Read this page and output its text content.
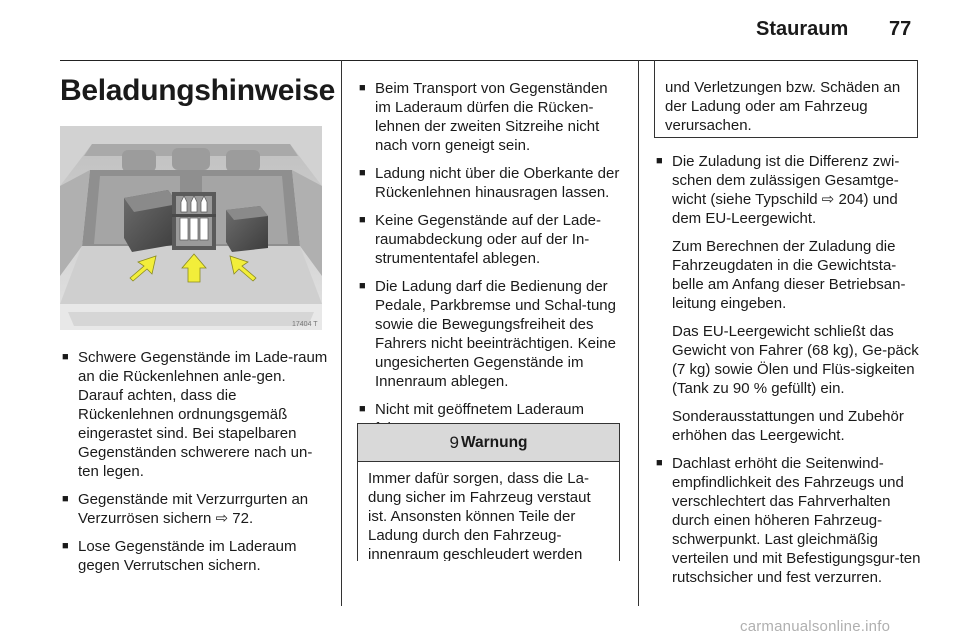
Stauraum 77
Beladungshinweise
17404 T
■ Schwere Gegenstände im Lade-raum an die Rückenlehnen anle-gen. Darauf achten, dass die Rückenlehnen ordnungsgemäß eingerastet sind. Bei stapelbaren Gegenständen schwerere nach un-ten legen.
■ Gegenstände mit Verzurrgurten an Verzurrösen sichern ⇨ 72.
■ Lose Gegenstände im Laderaum gegen Verrutschen sichern.
■ Beim Transport von Gegenständen im Laderaum dürfen die Rücken-lehnen der zweiten Sitzreihe nicht nach vorn geneigt sein.
■ Ladung nicht über die Oberkante der Rückenlehnen hinausragen lassen.
■ Keine Gegenstände auf der Lade-raumabdeckung oder auf der In-strumententafel ablegen.
■ Die Ladung darf die Bedienung der Pedale, Parkbremse und Schal-tung sowie die Bewegungsfreiheit des Fahrers nicht beeinträchtigen. Keine ungesicherten Gegenstände im Innenraum ablegen.
■ Nicht mit geöffnetem Laderaum
9 Warnung
Immer dafür sorgen, dass die La-dung sicher im Fahrzeug verstaut ist. Ansonsten können Teile der Ladung durch den Fahrzeug-innenraum geschleudert werden
und Verletzungen bzw. Schäden an der Ladung oder am Fahrzeug verursachen.
■ Die Zuladung ist die Differenz zwi-schen dem zulässigen Gesamtge-wicht (siehe Typschild ⇨ 204) und dem EU-Leergewicht.

Zum Berechnen der Zuladung die Fahrzeugdaten in die Gewichtsta-belle am Anfang dieser Betriebsan-leitung eingeben.

Das EU-Leergewicht schließt das Gewicht von Fahrer (68 kg), Ge-päck (7 kg) sowie Ölen und Flüs-sigkeiten (Tank zu 90 % gefüllt) ein.

Sonderausstattungen und Zubehör erhöhen das Leergewicht.

■ Dachlast erhöht die Seitenwind-empfindlichkeit des Fahrzeugs und verschlechtert das Fahrverhalten durch einen höheren Fahrzeug-schwerpunkt. Last gleichmäßig verteilen und mit Befestigungsgur-ten rutschsicher und fest verzurren.
carmanualsonline.info
